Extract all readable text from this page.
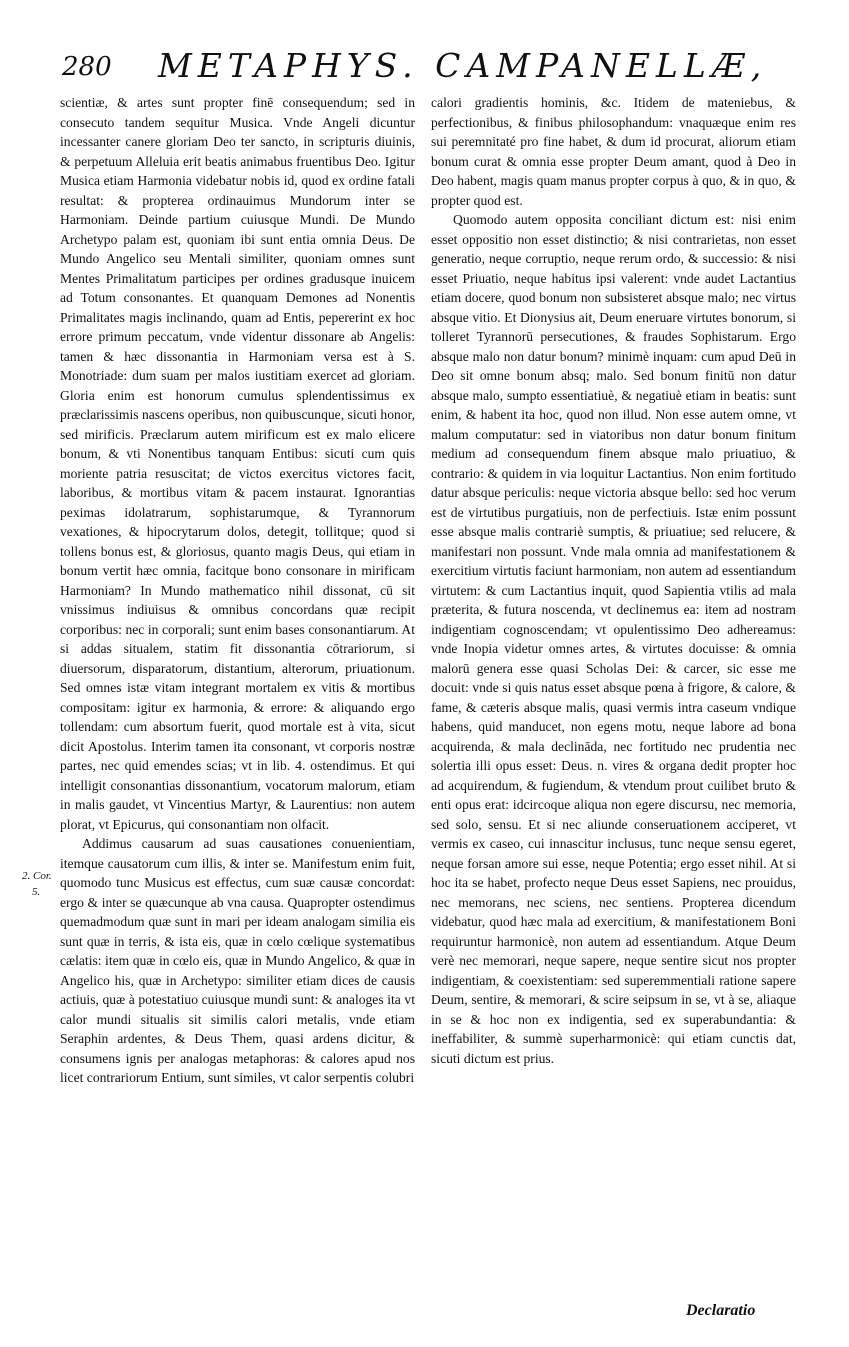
280 METAPHYS. CAMPANELLÆ,

scientiæ, & artes sunt propter finē consequendum; sed in consecuto tandem sequitur Musica. Vnde Angeli dicuntur incessanter canere gloriam Deo ter sancto, in scripturis diuinis, & perpetuum Alleluia erit beatis animabus fruentibus Deo. Igitur Musica etiam Harmonia videbatur nobis id, quod ex ordine fatali resultat: & propterea ordinauimus Mundorum inter se Harmoniam. Deinde partium cuiusque Mundi. De Mundo Archetypo palam est, quoniam ibi sunt entia omnia Deus. De Mundo Angelico seu Mentali similiter, quoniam omnes sunt Mentes Primalitatum participes per ordines gradusque inuicem ad Totum consonantes. Et quanquam Demones ad Nonentis Primalitates magis inclinando, quam ad Entis, pepererint ex hoc errore primum peccatum, vnde videntur dissonare ab Angelis: tamen & hæc dissonantia in Harmoniam versa est à S. Monotriade: dum suam per malos iustitiam exercet ad gloriam. Gloria enim est honorum cumulus splendentissimus ex præclarissimis nascens operibus, non quibuscunque, sicuti honor, sed mirificis. Præclarum autem mirificum est ex malo elicere bonum, & vti Nonentibus tanquam Entibus: sicuti cum quis moriente patria resuscitat; de victos exercitus victores facit, laboribus, & mortibus vitam & pacem instaurat. Ignorantias peximas idolatrarum, sophistarumque, & Tyrannorum vexationes, & hipocrytarum dolos, detegit, tollitque; quod si tollens bonus est, & gloriosus, quanto magis Deus, qui etiam in bonum vertit hæc omnia, facitque bono consonare in mirificam Harmoniam? In Mundo mathematico nihil dissonat, cū sit vnissimus indiuisus & omnibus concordans quæ recipit corporibus: nec in corporali; sunt enim bases consonantiarum. At si addas situalem, statim fit dissonantia cōtrariorum, si diuersorum, disparatorum, distantium, alterorum, priuationum. Sed omnes istæ vitam integrant mortalem ex vitis & mortibus compositam: igitur ex harmonia, & errore: & aliquando ergo tollendam: cum absortum fuerit, quod mortale est à vita, sicut dicit Apostolus. Interim tamen ita consonant, vt corporis nostræ partes, nec quid emendes scias; vt in lib. 4. ostendimus. Et qui intelligit consonantias dissonantium, vocatorum malorum, etiam in malis gaudet, vt Vincentius Martyr, & Laurentius: non autem plorat, vt Epicurus, qui consonantiam non olfacit.

Addimus causarum ad suas causationes conuenientiam, itemque causatorum cum illis, & inter se. Manifestum enim fuit, quomodo tunc Musicus est effectus, cum suæ causæ concordat: ergo & inter se quæcunque ab vna causa. Quapropter ostendimus quemadmodum quæ sunt in mari per ideam analogam similia eis sunt quæ in terris, & ista eis, quæ in cœlo cœlique systematibus cælatis: item quæ in cœlo eis, quæ in Mundo Angelico, & quæ in Angelico his, quæ in Archetypo: similiter etiam dices de causis actiuis, quæ à potestatiuo cuiusque mundi sunt: & analoges ita vt calor mundi situalis sit similis calori metalis, vnde etiam Seraphin ardentes, & Deus Them, quasi ardens dicitur, & consumens ignis per analogas metaphoras: & calores apud nos licet contrariorum Entium, sunt similes, vt calor serpentis colubri

2. Cor.
5.

calori gradientis hominis, &c. Itidem de mateniebus, & perfectionibus, & finibus philosophandum: vnaquæque enim res sui peremnitaté pro fine habet, & dum id procurat, aliorum etiam bonum curat & omnia esse propter Deum amant, quod à Deo in Deo habent, magis quam manus propter corpus à quo, & in quo, & propter quod est.

Quomodo autem opposita conciliant dictum est: nisi enim esset oppositio non esset distinctio; & nisi contrarietas, non esset generatio, neque corruptio, neque rerum ordo, & successio: & nisi esset Priuatio, neque habitus ipsi valerent: vnde audet Lactantius etiam docere, quod bonum non subsisteret absque malo; nec virtus absque vitio. Et Dionysius ait, Deum eneruare virtutes bonorum, si tolleret Tyrannorū persecutiones, & fraudes Sophistarum. Ergo absque malo non datur bonum? minimè inquam: cum apud Deū in Deo sit omne bonum absq; malo. Sed bonum finitū non datur absque malo, sumpto essentiatiuè, & negatiuè etiam in beatis: sunt enim, & habent ita hoc, quod non illud. Non esse autem omne, vt malum computatur: sed in viatoribus non datur bonum finitum medium ad consequendum finem absque malo priuatiuo, & contrario: & quidem in via loquitur Lactantius. Non enim fortitudo datur absque periculis: neque victoria absque bello: sed hoc verum est de virtutibus purgatiuis, non de perfectiuis. Istæ enim possunt esse absque malis contrariè sumptis, & priuatiue; sed relucere, & manifestari non possunt. Vnde mala omnia ad manifestationem & exercitium virtutis faciunt harmoniam, non autem ad essentiandum virtutem: & cum Lactantius inquit, quod Sapientia vtilis ad mala præterita, & futura noscenda, vt declinemus ea: item ad nostram indigentiam cognoscendam; vt opulentissimo Deo adhereamus: vnde Inopia videtur omnes artes, & virtutes docuisse: & omnia malorū genera esse quasi Scholas Dei: & carcer, sic esse me docuit: vnde si quis natus esset absque pœna à frigore, & calore, & fame, & cæteris absque malis, quasi vermis intra caseum vndique habens, quid manducet, non egens motu, neque labore ad bona acquirenda, & mala declināda, nec fortitudo nec prudentia nec solertia illi opus esset: Deus. n. vires & organa dedit propter hoc ad acquirendum, & fugiendum, & vtendum prout cuilibet bruto & enti opus erat: idcircoque aliqua non egere discursu, nec memoria, sed solo, sensu. Et si nec aliunde conseruationem acciperet, vt vermis ex caseo, cui innascitur inclusus, tunc neque sensu egeret, neque forsan amore sui esse, neque Potentia; ergo esset nihil. At si hoc ita se habet, profecto neque Deus esset Sapiens, nec prouidus, nec memorans, nec sciens, nec sentiens. Propterea dicendum videbatur, quod hæc mala ad exercitium, & manifestationem Boni requiruntur harmonicè, non autem ad essentiandum. Atque Deum verè nec memorari, neque sapere, neque sentire sicut nos propter indigentiam, & coexistentiam: sed superemmentiali ratione sapere Deum, sentire, & memorari, & scire seipsum in se, vt à se, aliaque in se & hoc non ex indigentia, sed ex superabundantia: & ineffabiliter, & summè superharmonicè: qui etiam cunctis dat, sicuti dictum est prius.

Declaratio
